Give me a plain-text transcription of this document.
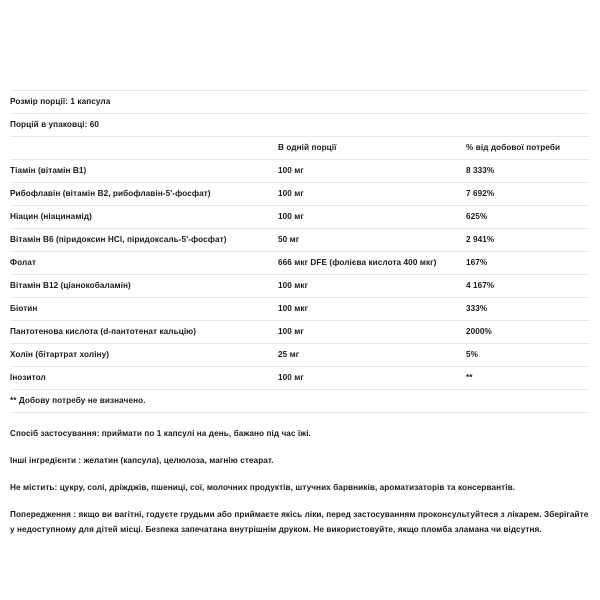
Розмір порції: 1 капсула
Порцій в упаковці: 60
	В одній порції	% від добової потреби
Тіамін (вітамін B1)	100 мг	8 333%
Рибофлавін (вітамін B2, рибофлавін-5'-фосфат)	100 мг	7 692%
Ніацин (ніацинамід)	100 мг	625%
Вітамін B6 (піридоксин HCl, піридоксаль-5'-фосфат)	50 мг	2 941%
Фолат	666 мкг DFE (фолієва кислота 400 мкг)	167%
Вітамін B12 (ціанокобаламін)	100 мкг	4 167%
Біотин	100 мкг	333%
Пантотенова кислота (d-пантотенат кальцію)	100 мг	2000%
Холін (бітартрат холіну)	25 мг	5%
Інозитол	100 мг	**
** Добову потребу не визначено.		

Спосіб застосування: приймати по 1 капсулі на день, бажано під час їжі.

Інші інгредієнти : желатин (капсула), целюлоза, магнію стеарат.

Не містить: цукру, солі, дріжджів, пшениці, сої, молочних продуктів, штучних барвників, ароматизаторів та консервантів.

Попередження : якщо ви вагітні, годуєте грудьми або приймаєте якісь ліки, перед застосуванням проконсультуйтеся з лікарем. Зберігайте у недоступному для дітей місці. Безпека запечатана внутрішнім друком. Не використовуйте, якщо пломба зламана чи відсутня.
